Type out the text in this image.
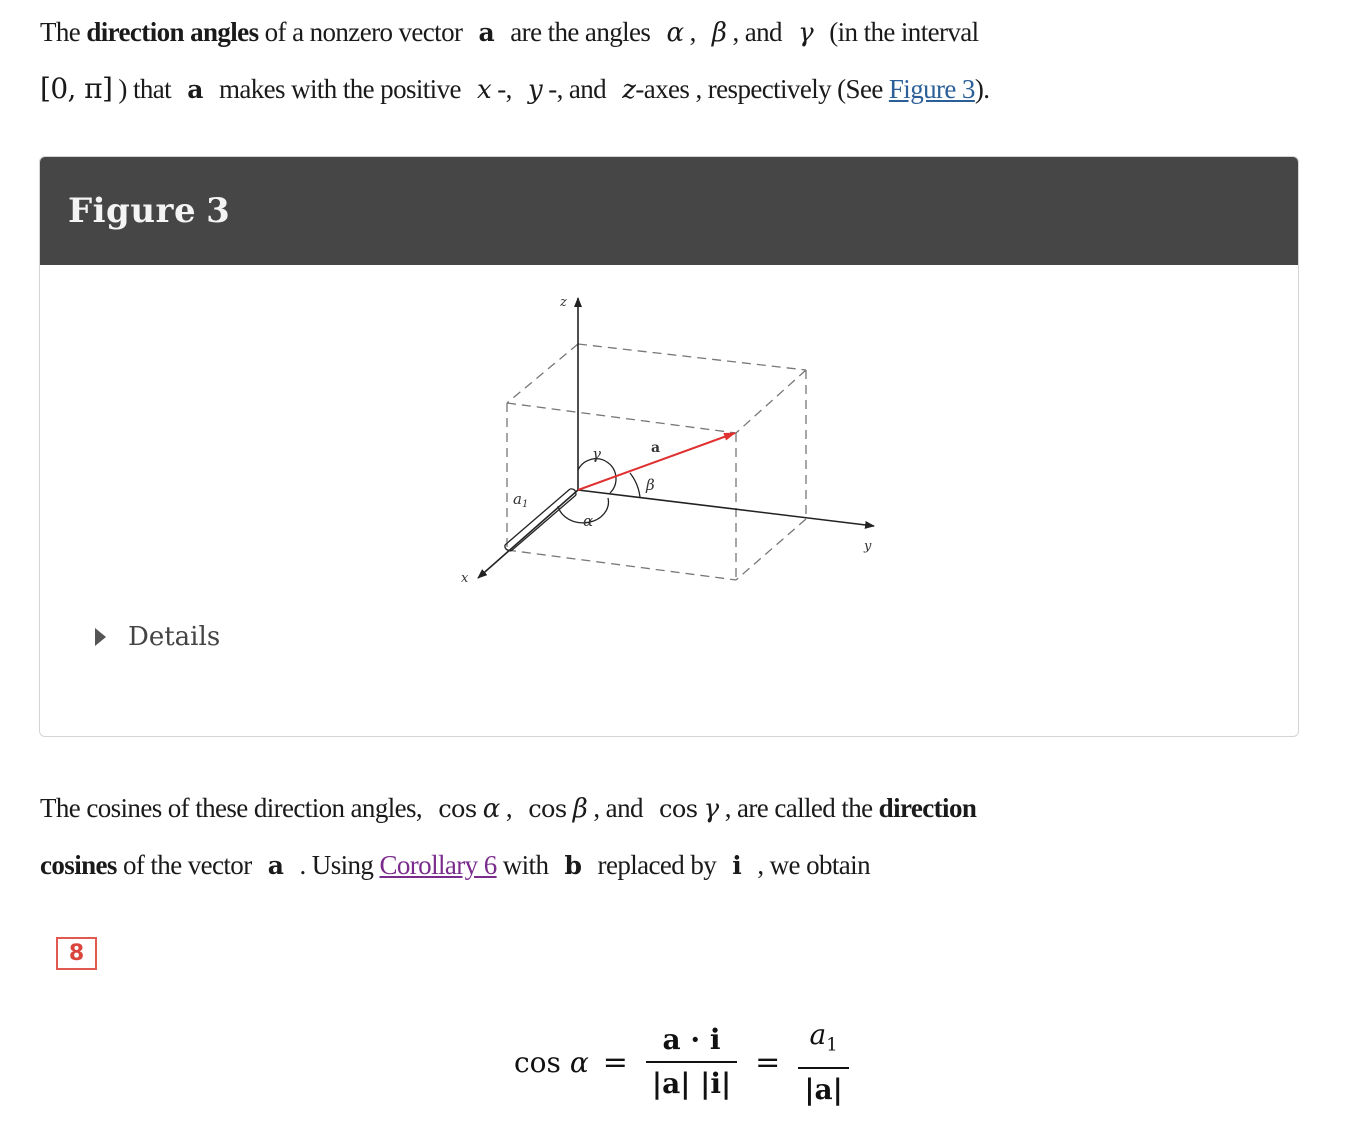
The direction angles of a nonzero vector a are the angles α , β , and γ (in the interval
[0, π] ) that a makes with the positive x -, y -, and z-axes , respectively (See Figure 3).
Figure 3
z
y
x
a
γ
β
α
$a_1$
Details
The cosines of these direction angles, cos α , cos β , and cos γ , are called the direction
cosines of the vector a . Using Corollary 6 with b replaced by i , we obtain
8
cos
$\alpha = \frac{a \cdot i}{|a| |i|} = \frac{a_1}{|a|}$
